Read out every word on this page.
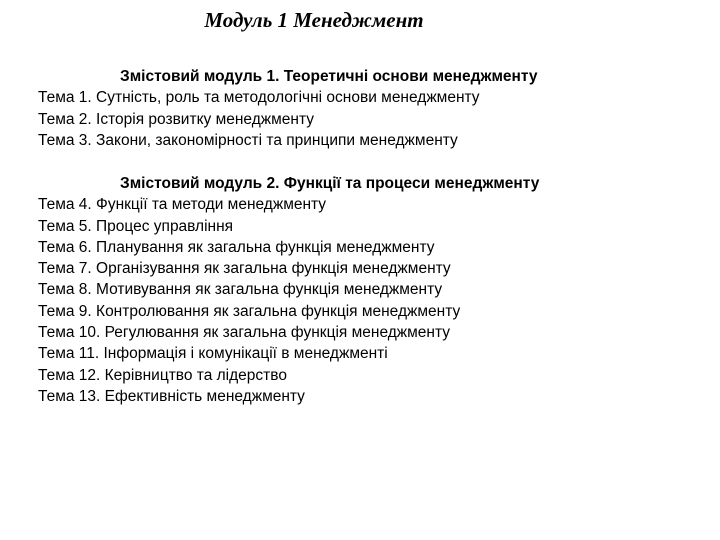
Модуль 1 Менеджмент
Змістовий модуль 1. Теоретичні основи менеджменту
Тема 1. Сутність, роль та методологічні основи менеджменту
Тема 2. Історія розвитку менеджменту
Тема 3. Закони, закономірності та принципи менеджменту
Змістовий модуль 2. Функції та процеси менеджменту
Тема 4. Функції та методи менеджменту
Тема 5. Процес управління
Тема 6. Планування як загальна функція менеджменту
Тема 7. Організування як загальна функція менеджменту
Тема 8. Мотивування як загальна функція менеджменту
Тема 9. Контролювання як загальна функція менеджменту
Тема 10. Регулювання як загальна функція менеджменту
Тема 11. Інформація і комунікації в менеджменті
Тема 12. Керівництво та лідерство
Тема 13. Ефективність менеджменту
